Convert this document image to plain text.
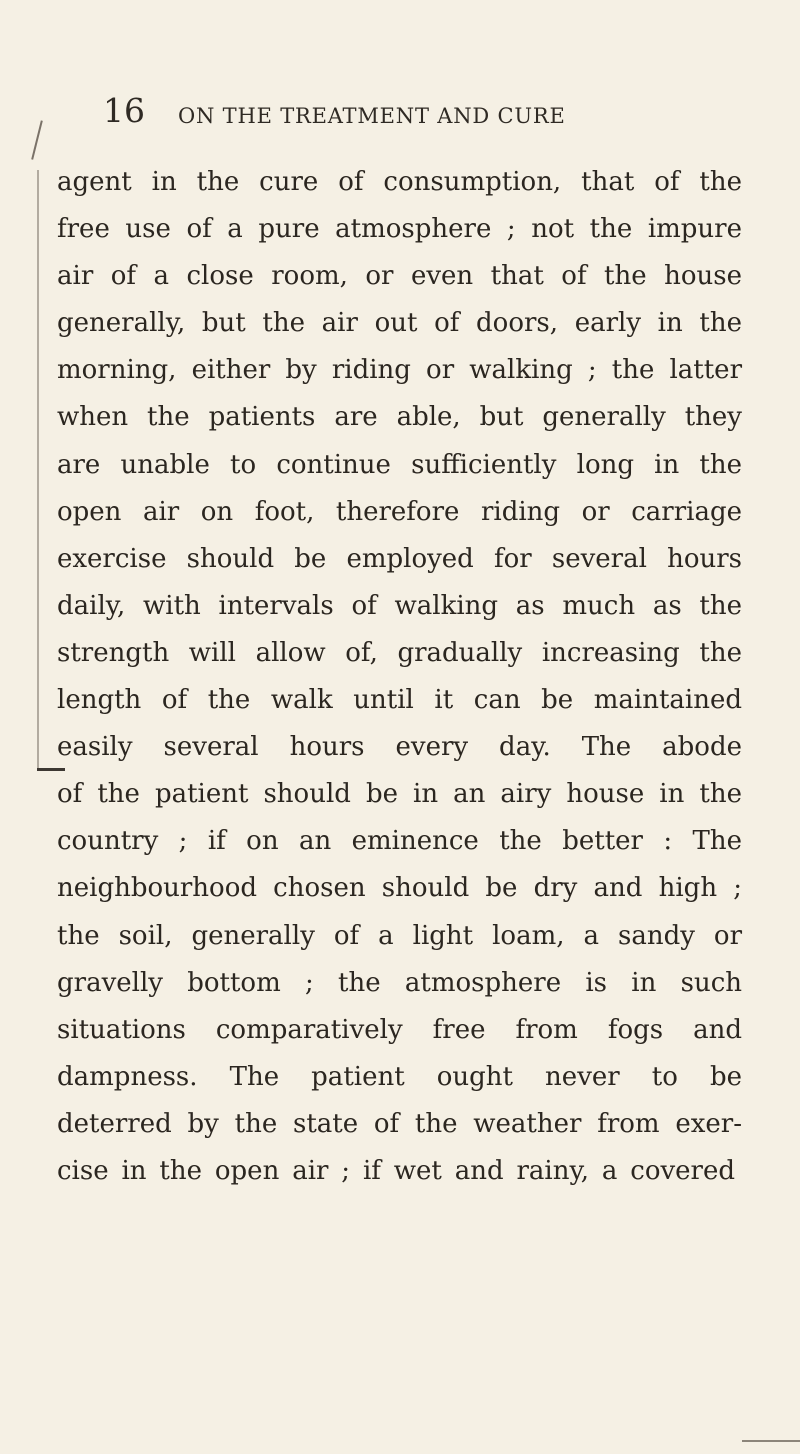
16 ON THE TREATMENT AND CURE
agent in the cure of consumption, that of the
free use of a pure atmosphere ; not the impure
air of a close room, or even that of the house
generally, but the air out of doors, early in the
morning, either by riding or walking ; the latter
when the patients are able, but generally they
are unable to continue sufficiently long in the
open air on foot, therefore riding or carriage
exercise should be employed for several hours
daily, with intervals of walking as much as the
strength will allow of, gradually increasing the
length of the walk until it can be maintained
easily several hours every day. The abode
of the patient should be in an airy house in the
country ; if on an eminence the better : The
neighbourhood chosen should be dry and high ;
the soil, generally of a light loam, a sandy or
gravelly bottom ; the atmosphere is in such
situations comparatively free from fogs and
dampness. The patient ought never to be
deterred by the state of the weather from exer-
cise in the open air ; if wet and rainy, a covered
